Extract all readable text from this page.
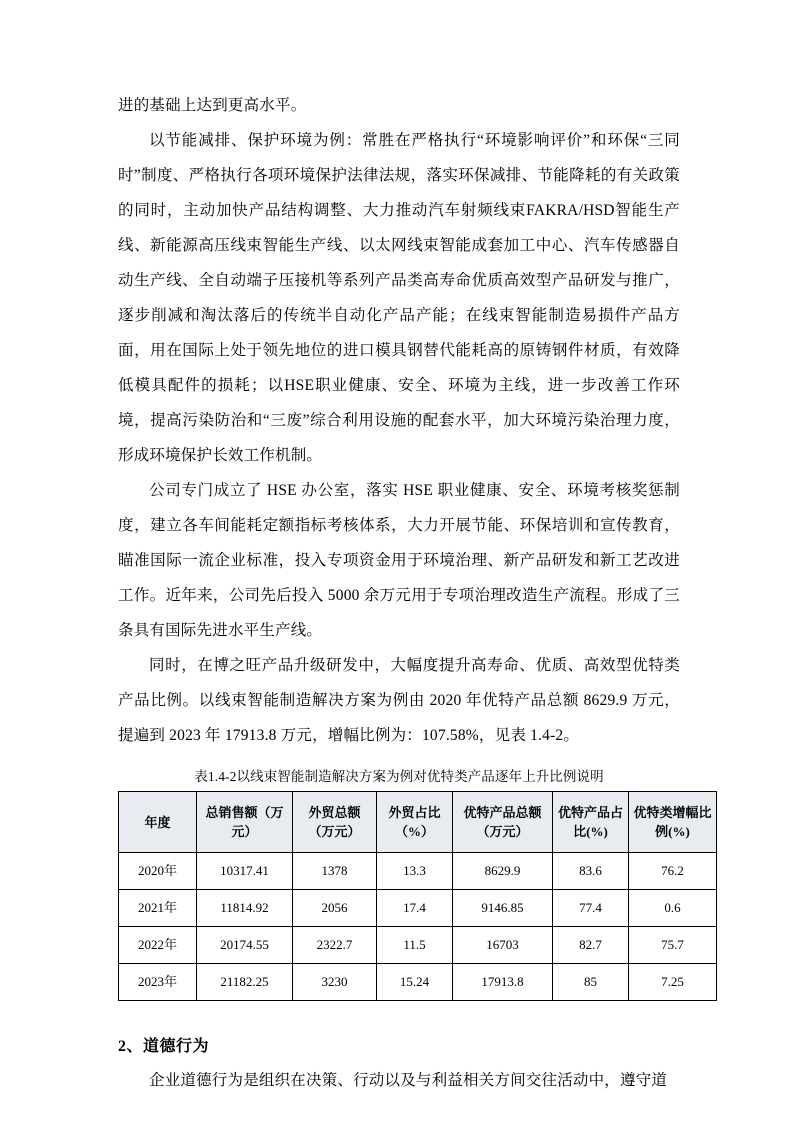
进的基础上达到更高水平。

以节能减排、保护环境为例：常胜在严格执行“环境影响评价”和环保“三同时”制度、严格执行各项环境保护法律法规，落实环保减排、节能降耗的有关政策的同时，主动加快产品结构调整、大力推动汽车射频线束FAKRA/HSD智能生产线、新能源高压线束智能生产线、以太网线束智能成套加工中心、汽车传感器自动生产线、全自动端子压接机等系列产品类高寿命优质高效型产品研发与推广，逐步削减和淘汰落后的传统半自动化产品产能；在线束智能制造易损件产品方面，用在国际上处于领先地位的进口模具钢替代能耗高的原铸钢件材质，有效降低模具配件的损耗；以HSE职业健康、安全、环境为主线，进一步改善工作环境，提高污染防治和“三废”综合利用设施的配套水平，加大环境污染治理力度，形成环境保护长效工作机制。

公司专门成立了 HSE 办公室，落实 HSE 职业健康、安全、环境考核奖惩制度，建立各车间能耗定额指标考核体系，大力开展节能、环保培训和宣传教育，瞄准国际一流企业标准，投入专项资金用于环境治理、新产品研发和新工艺改进工作。近年来，公司先后投入 5000 余万元用于专项治理改造生产流程。形成了三条具有国际先进水平生产线。

同时，在博之旺产品升级研发中，大幅度提升高寿命、优质、高效型优特类产品比例。以线束智能制造解决方案为例由 2020 年优特产品总额 8629.9 万元，提遍到 2023 年 17913.8 万元，增幅比例为：107.58%，见表 1.4-2。

表1.4-2以线束智能制造解决方案为例对优特类产品逐年上升比例说明
年度	总销售额（万元）	外贸总额（万元）	外贸占比（%）	优特产品总额（万元）	优特产品占比(%)	优特类增幅比例(%)
2020年	10317.41	1378	13.3	8629.9	83.6	76.2
2021年	11814.92	2056	17.4	9146.85	77.4	0.6
2022年	20174.55	2322.7	11.5	16703	82.7	75.7
2023年	21182.25	3230	15.24	17913.8	85	7.25
2、道德行为

企业道德行为是组织在决策、行动以及与利益相关方间交往活动中，遵守道
